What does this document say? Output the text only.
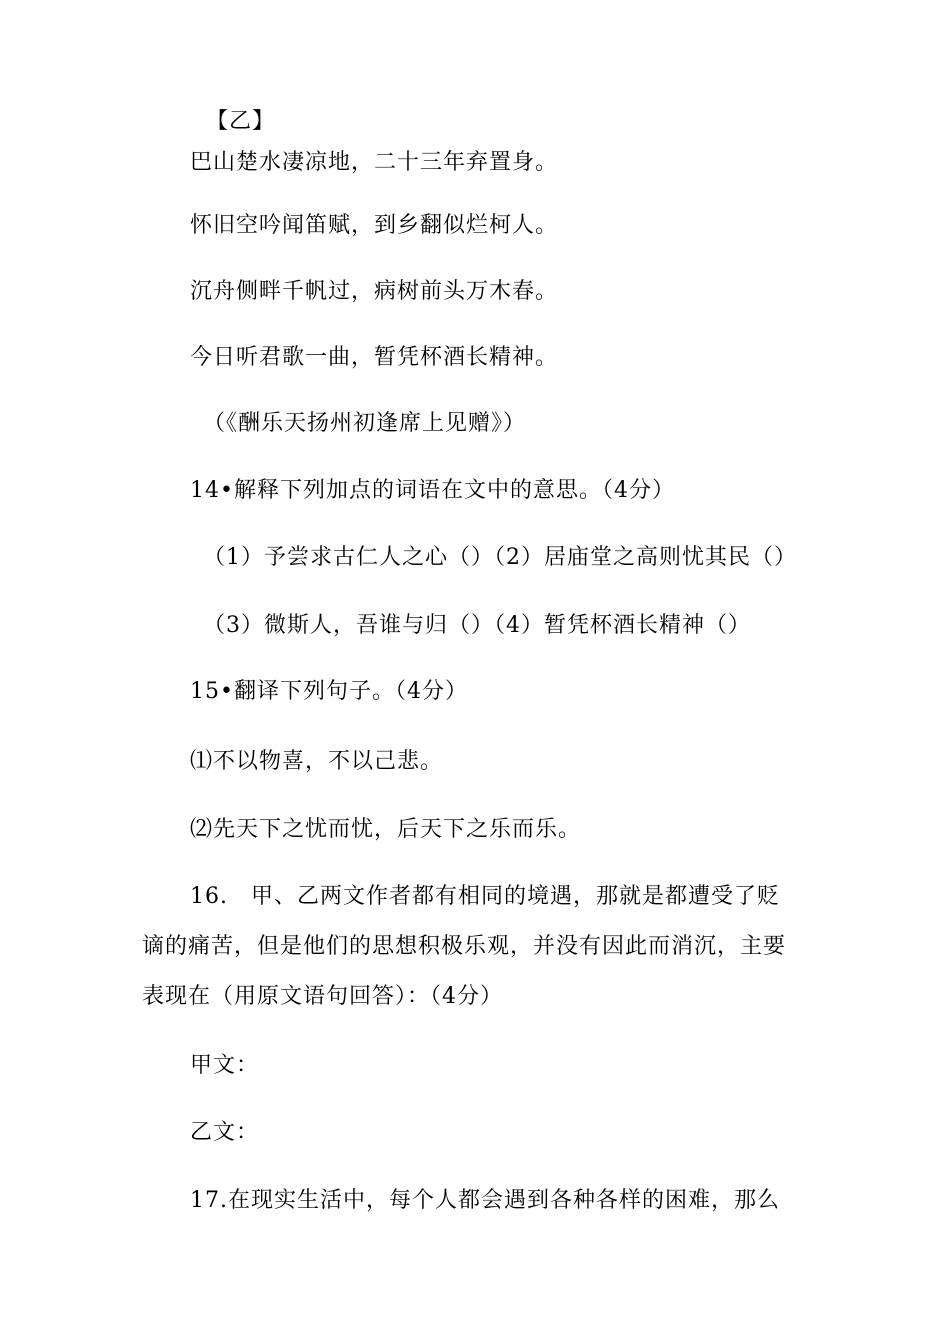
【乙】
巴山楚水凄凉地，二十三年弃置身。
怀旧空吟闻笛赋，到乡翻似烂柯人。
沉舟侧畔千帆过，病树前头万木春。
今日听君歌一曲，暂凭杯酒长精神。
（《酬乐天扬州初逢席上见赠》）
14•解释下列加点的词语在文中的意思。（4分）
（1）予尝求古仁人之心（）（2）居庙堂之高则忧其民（）
（3）微斯人，吾谁与归（）（4）暂凭杯酒长精神（）
15•翻译下列句子。（4分）
⑴不以物喜，不以己悲。
⑵先天下之忧而忧，后天下之乐而乐。
16.　甲、乙两文作者都有相同的境遇，那就是都遭受了贬
谪的痛苦，但是他们的思想积极乐观，并没有因此而消沉，主要
表现在（用原文语句回答）：（4分）
甲文：
乙文：
17.在现实生活中，每个人都会遇到各种各样的困难，那么
